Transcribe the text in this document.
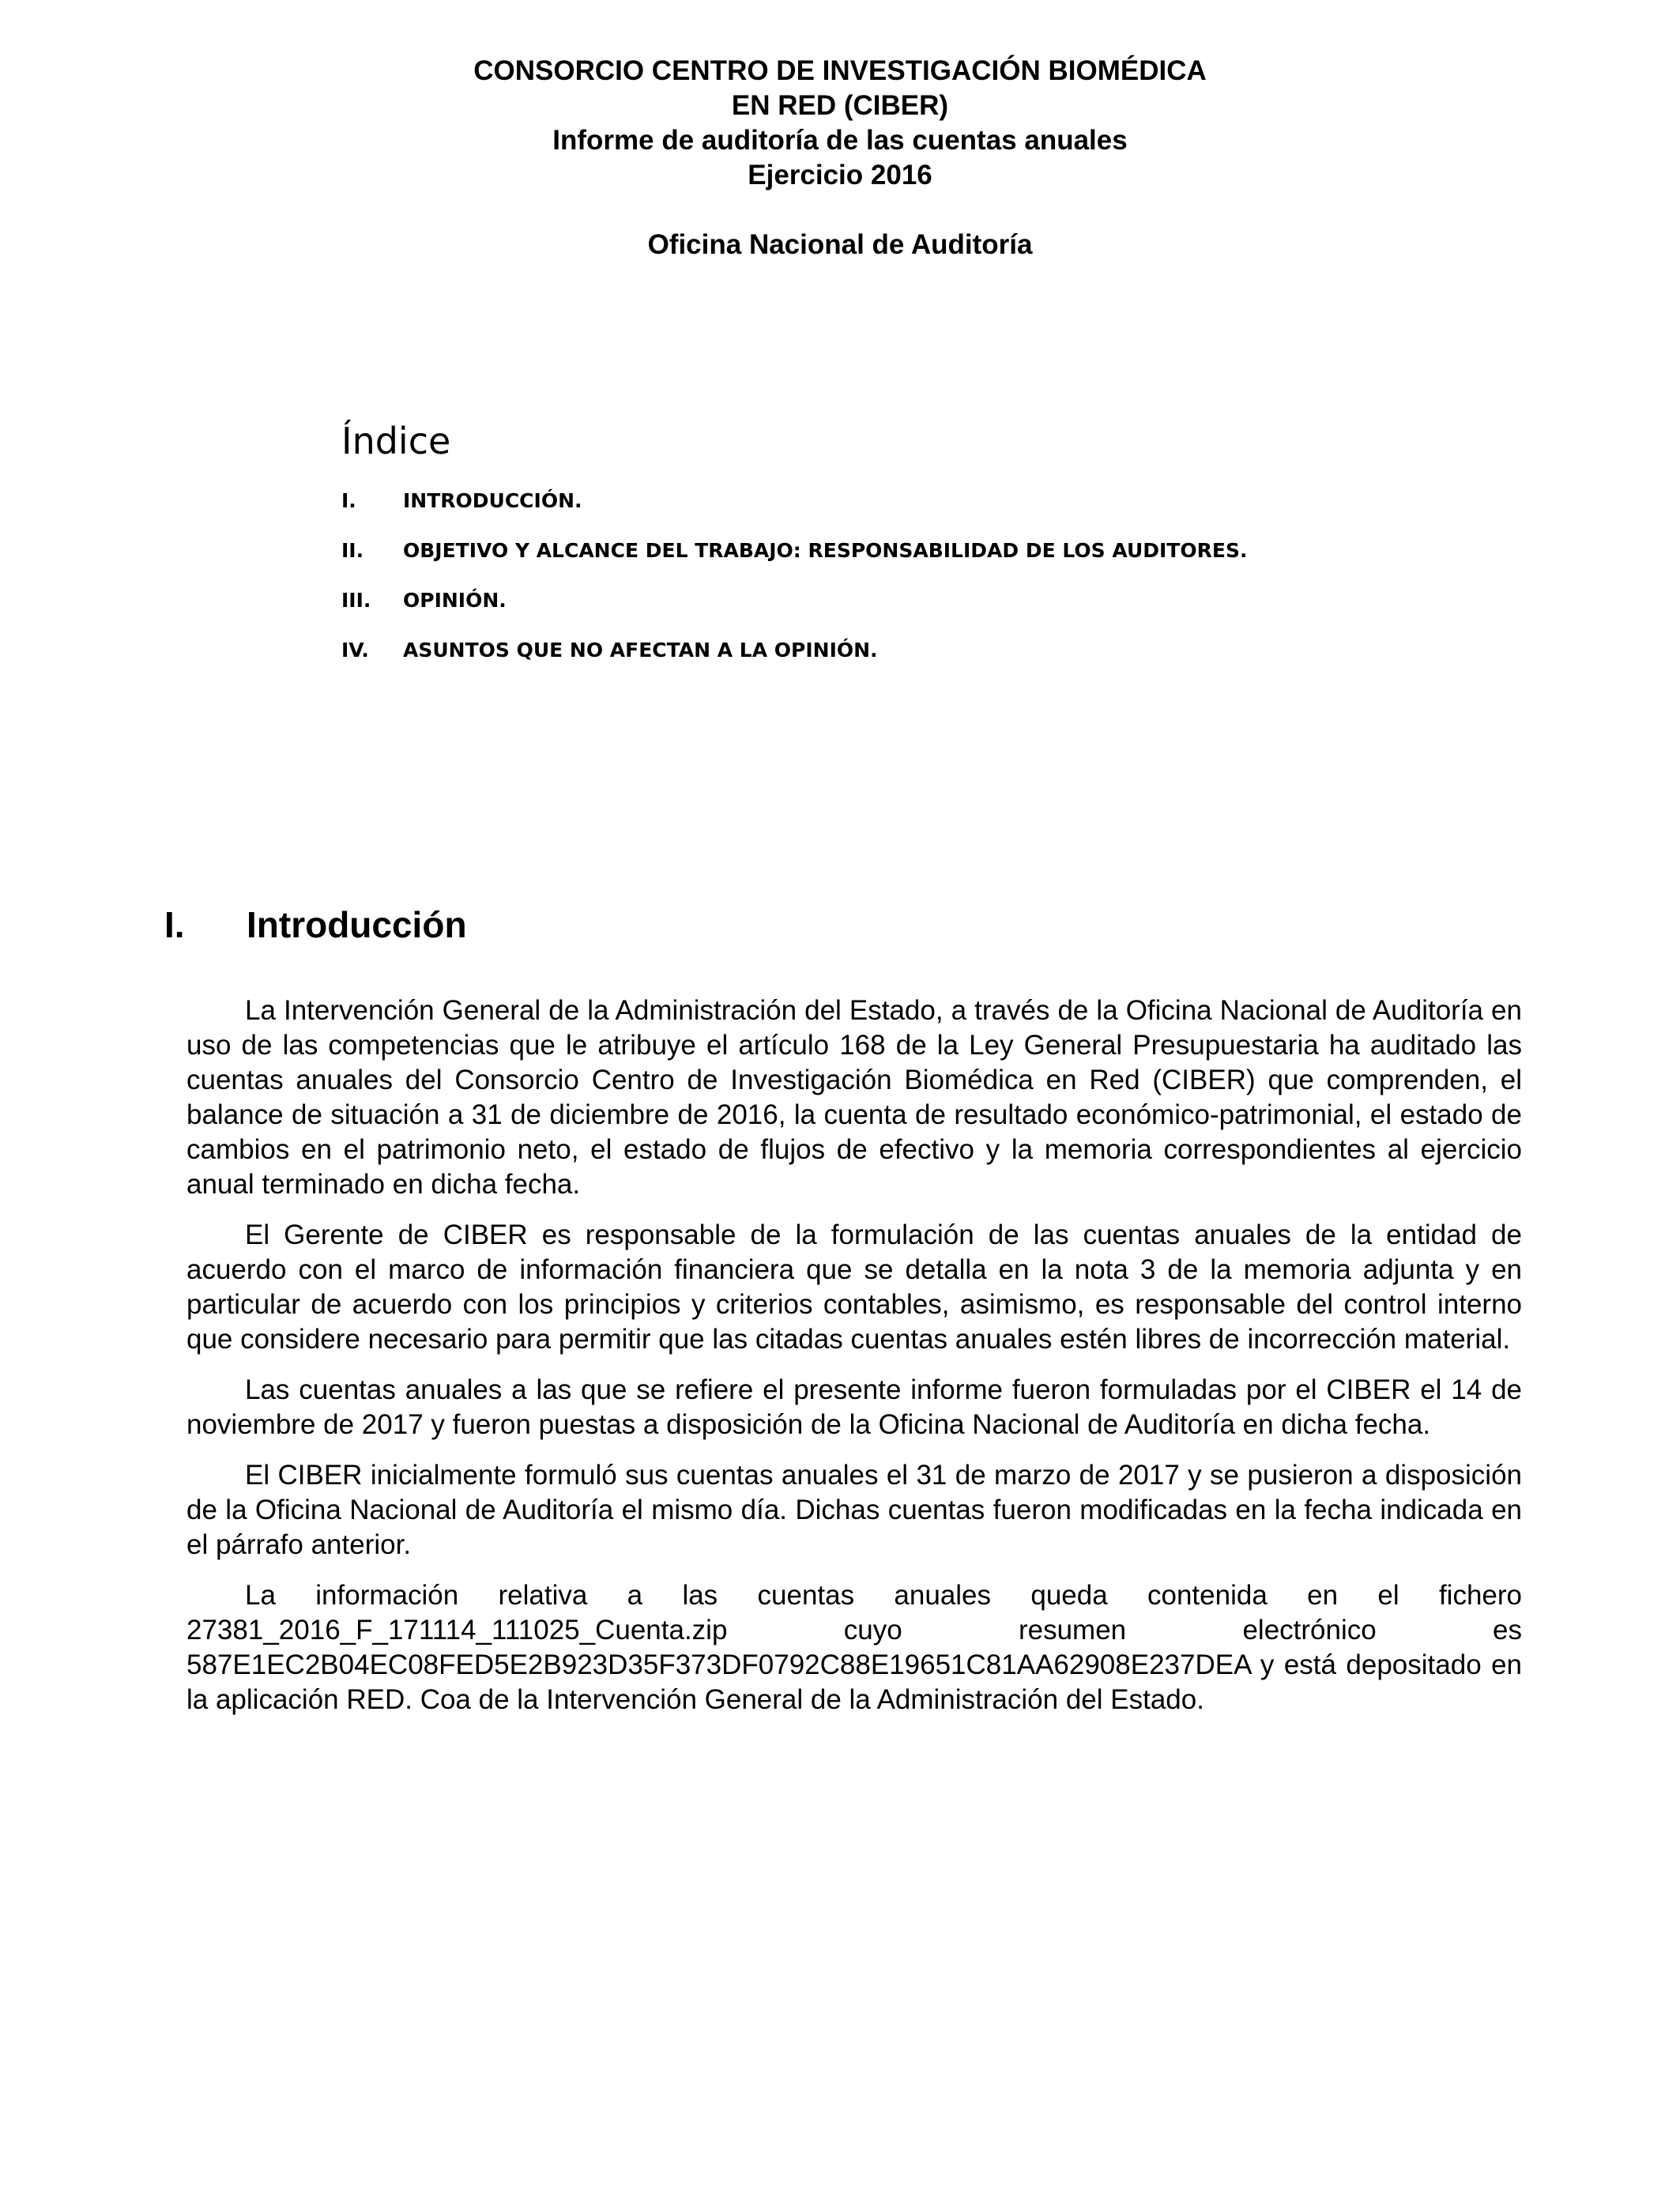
CONSORCIO CENTRO DE INVESTIGACIÓN BIOMÉDICA
EN RED (CIBER)
Informe de auditoría de las cuentas anuales
Ejercicio 2016
Oficina Nacional de Auditoría
Índice
I.	INTRODUCCIÓN.
II.	OBJETIVO Y ALCANCE DEL TRABAJO: RESPONSABILIDAD DE LOS AUDITORES.
III.	OPINIÓN.
IV.	ASUNTOS QUE NO AFECTAN A LA OPINIÓN.
I.	Introducción

La Intervención General de la Administración del Estado, a través de la Oficina Nacional de Auditoría en uso de las competencias que le atribuye el artículo 168 de la Ley General Presupuestaria ha auditado las cuentas anuales del Consorcio Centro de Investigación Biomédica en Red (CIBER) que comprenden, el balance de situación a 31 de diciembre de 2016, la cuenta de resultado económico-patrimonial, el estado de cambios en el patrimonio neto, el estado de flujos de efectivo y la memoria correspondientes al ejercicio anual terminado en dicha fecha.

El Gerente de CIBER es responsable de la formulación de las cuentas anuales de la entidad de acuerdo con el marco de información financiera que se detalla en la nota 3 de la memoria adjunta y en particular de acuerdo con los principios y criterios contables, asimismo, es responsable del control interno que considere necesario para permitir que las citadas cuentas anuales estén libres de incorrección material.

Las cuentas anuales a las que se refiere el presente informe fueron formuladas por el CIBER el 14 de noviembre de 2017 y fueron puestas a disposición de la Oficina Nacional de Auditoría en dicha fecha.

El CIBER inicialmente formuló sus cuentas anuales el 31 de marzo de 2017 y se pusieron a disposición de la Oficina Nacional de Auditoría el mismo día. Dichas cuentas fueron modificadas en la fecha indicada en el párrafo anterior.

La información relativa a las cuentas anuales queda contenida en el fichero 27381_2016_F_171114_111025_Cuenta.zip cuyo resumen electrónico es 587E1EC2B04EC08FED5E2B923D35F373DF0792C88E19651C81AA62908E237DEA y está depositado en la aplicación RED. Coa de la Intervención General de la Administración del Estado.
